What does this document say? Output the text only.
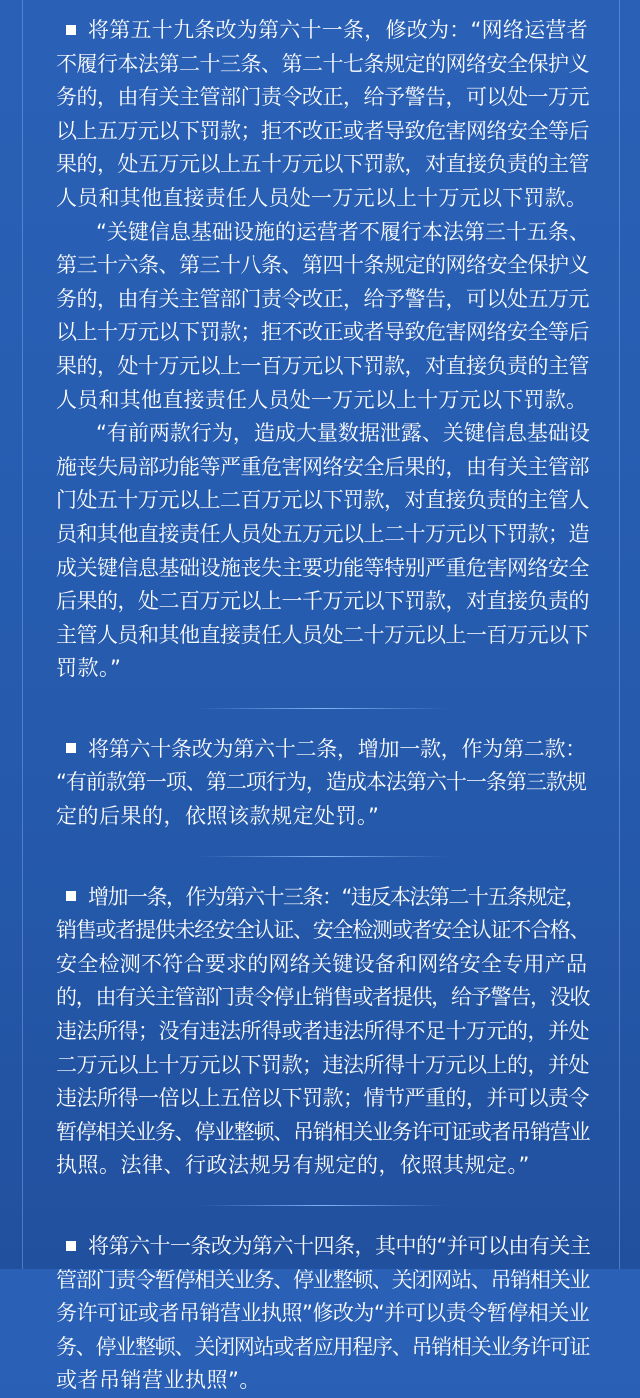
将第五十九条改为第六十一条，修改为：“网络运营者
不履行本法第二十三条、第二十七条规定的网络安全保护义
务的，由有关主管部门责令改正，给予警告，可以处一万元
以上五万元以下罚款；拒不改正或者导致危害网络安全等后
果的，处五万元以上五十万元以下罚款，对直接负责的主管
人员和其他直接责任人员处一万元以上十万元以下罚款。

“关键信息基础设施的运营者不履行本法第三十五条、
第三十六条、第三十八条、第四十条规定的网络安全保护义
务的，由有关主管部门责令改正，给予警告，可以处五万元
以上十万元以下罚款；拒不改正或者导致危害网络安全等后
果的，处十万元以上一百万元以下罚款，对直接负责的主管
人员和其他直接责任人员处一万元以上十万元以下罚款。

“有前两款行为，造成大量数据泄露、关键信息基础设
施丧失局部功能等严重危害网络安全后果的，由有关主管部
门处五十万元以上二百万元以下罚款，对直接负责的主管人
员和其他直接责任人员处五万元以上二十万元以下罚款；造
成关键信息基础设施丧失主要功能等特别严重危害网络安全
后果的，处二百万元以上一千万元以下罚款，对直接负责的
主管人员和其他直接责任人员处二十万元以上一百万元以下
罚款。”

将第六十条改为第六十二条，增加一款，作为第二款：
“有前款第一项、第二项行为，造成本法第六十一条第三款规
定的后果的，依照该款规定处罚。”

增加一条，作为第六十三条：“违反本法第二十五条规定，
销售或者提供未经安全认证、安全检测或者安全认证不合格、
安全检测不符合要求的网络关键设备和网络安全专用产品
的，由有关主管部门责令停止销售或者提供，给予警告，没收
违法所得；没有违法所得或者违法所得不足十万元的，并处
二万元以上十万元以下罚款；违法所得十万元以上的，并处
违法所得一倍以上五倍以下罚款；情节严重的，并可以责令
暂停相关业务、停业整顿、吊销相关业务许可证或者吊销营业
执照。法律、行政法规另有规定的，依照其规定。”

将第六十一条改为第六十四条，其中的“并可以由有关主
管部门责令暂停相关业务、停业整顿、关闭网站、吊销相关业
务许可证或者吊销营业执照”修改为“并可以责令暂停相关业
务、停业整顿、关闭网站或者应用程序、吊销相关业务许可证
或者吊销营业执照”。
